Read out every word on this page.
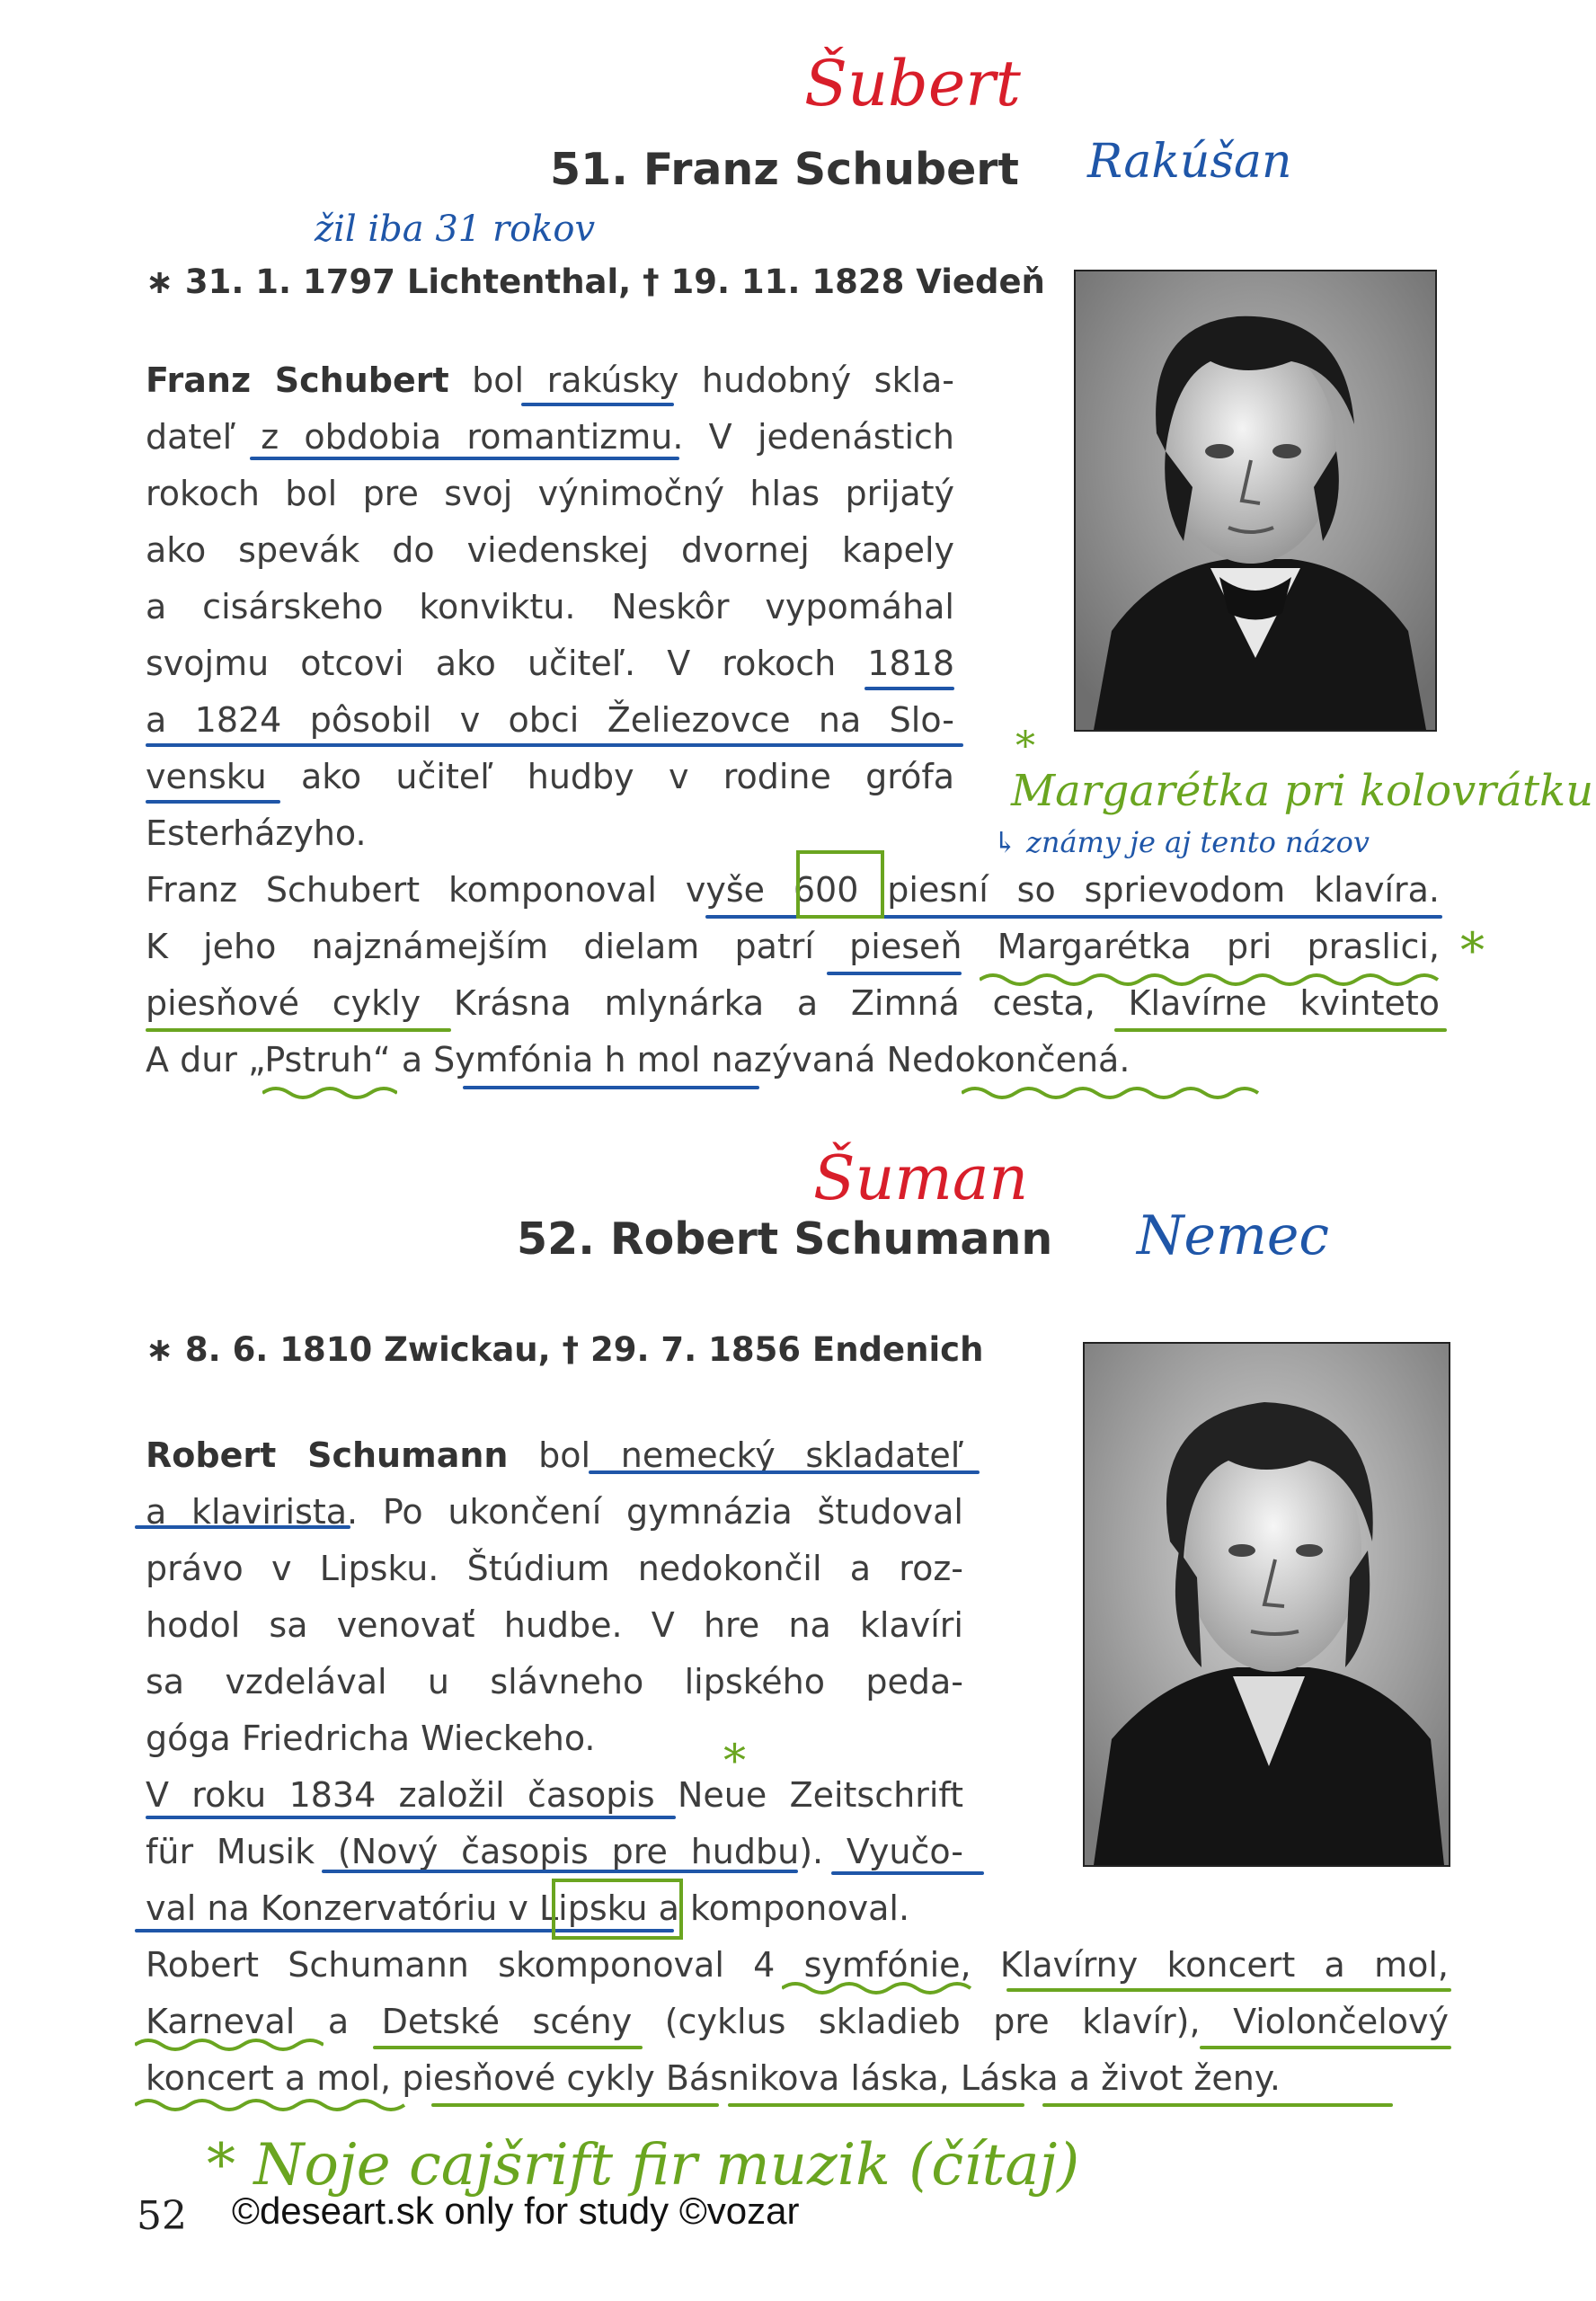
Šubert
51. Franz Schubert Rakúšan
žil iba 31 rokov
∗ 31. 1. 1797 Lichtenthal, † 19. 11. 1828 Viedeň
Franz Schubert bol rakúsky hudobný skla-
dateľ z obdobia romantizmu. V jedenástich
rokoch bol pre svoj výnimočný hlas prijatý
ako spevák do viedenskej dvornej kapely
a cisárskeho konviktu. Neskôr vypomáhal
svojmu otcovi ako učiteľ. V rokoch 1818
a 1824 pôsobil v obci Želiezovce na Slo-
vensku ako učiteľ hudby v rodine grófa
Esterházyho.
Franz Schubert komponoval vyše 600 piesní so sprievodom klavíra.
K jeho najznámejším dielam patrí pieseň Margarétka pri praslici,
piesňové cykly Krásna mlynárka a Zimná cesta, Klavírne kvinteto
A dur „Pstruh“ a Symfónia h mol nazývaná Nedokončená.
*
Margarétka pri kolovrátku
↳ známy je aj tento názov
*
Šuman
52. Robert Schumann Nemec
∗ 8. 6. 1810 Zwickau, † 29. 7. 1856 Endenich
Robert Schumann bol nemecký skladateľ
a klavirista. Po ukončení gymnázia študoval
právo v Lipsku. Štúdium nedokončil a roz-
hodol sa venovať hudbe. V hre na klavíri
sa vzdelával u slávneho lipského peda-
góga Friedricha Wieckeho.
V roku 1834 založil časopis Neue Zeitschrift
für Musik (Nový časopis pre hudbu). Vyučo-
val na Konzervatóriu v Lipsku a komponoval.
Robert Schumann skomponoval 4 symfónie, Klavírny koncert a mol,
Karneval a Detské scény (cyklus skladieb pre klavír), Violončelový
koncert a mol, piesňové cykly Básnikova láska, Láska a život ženy.
*
* Noje cajšrift fir muzik (čítaj)
52 ©deseart.sk only for study ©vozar
